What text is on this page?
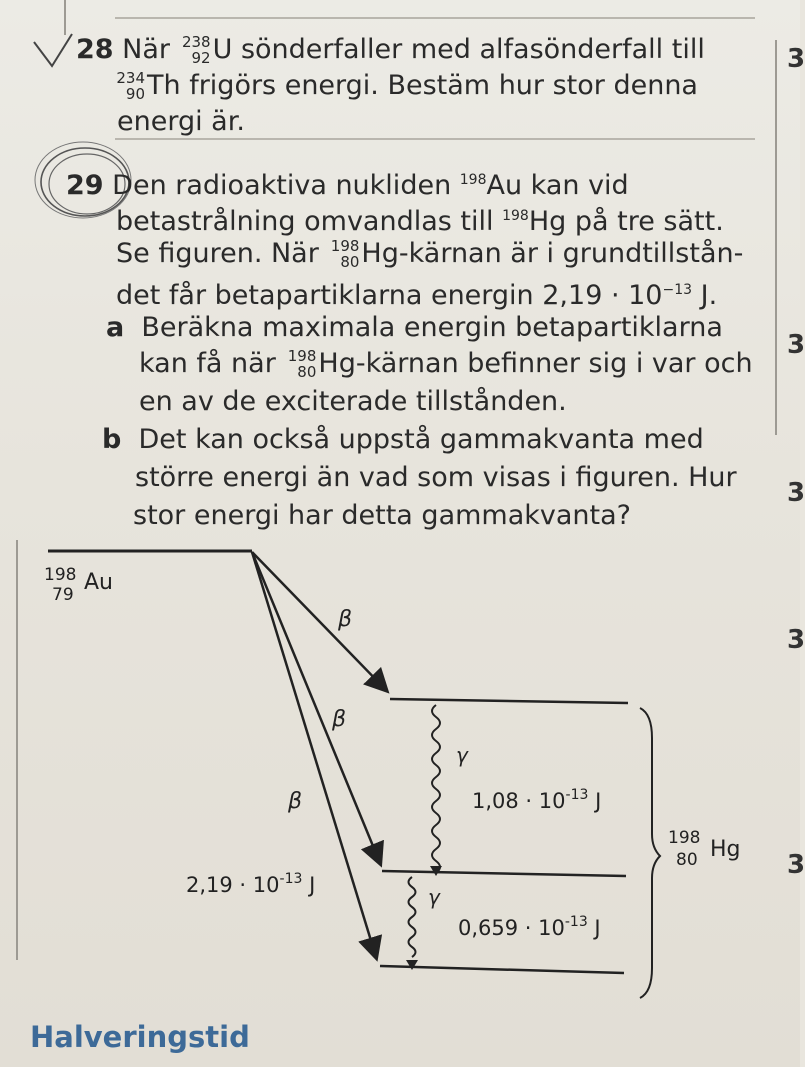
28 När 238
92 U sönderfaller med alfasönderfall till
234
90 Th frigörs energi. Bestäm hur stor denna
energi är.
29 Den radioaktiva nukliden $^{198}$Au kan vid
betastrålning omvandlas till $^{198}$Hg på tre sätt.
Se figuren. När 198
80 Hg-kärnan är i grundtillstån-
det får betapartiklarna energin $2,19 \cdot 10^{-13}$ J.
a Beräkna maximala energin betapartiklarna
kan få när 198
80 Hg-kärnan befinner sig i var och
en av de exciterade tillstånden.
b Det kan också uppstå gammakvanta med
större energi än vad som visas i figuren. Hur
stor energi har detta gammakvanta?
198
79 Au
β
β
β
γ
γ
$1,08 \cdot 10^{-13}$ J
$0,659 \cdot 10^{-13}$ J
$2,19 \cdot 10^{-13}$ J
198
80 Hg
Halveringstid
3
3
3
3
3
